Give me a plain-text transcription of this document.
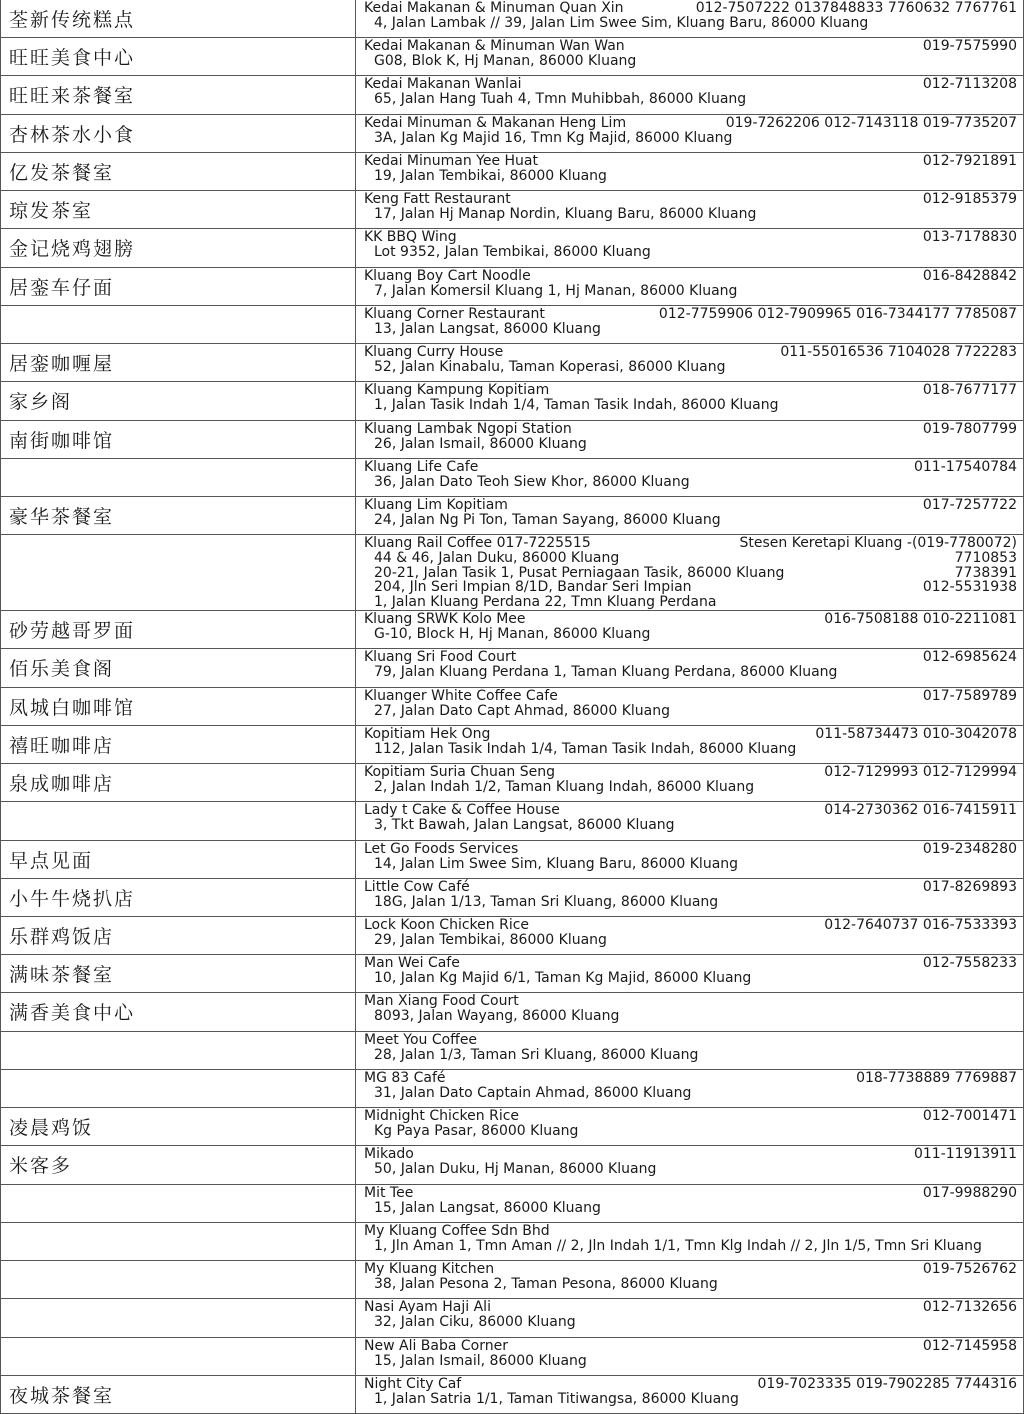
荃新传统糕点
Kedai Makanan & Minuman Quan Xin	012-7507222 0137848833 7760632 7767761
4, Jalan Lambak // 39, Jalan Lim Swee Sim, Kluang Baru, 86000 Kluang
旺旺美食中心
Kedai Makanan & Minuman Wan Wan	019-7575990
G08, Blok K, Hj Manan, 86000 Kluang
旺旺来茶餐室
Kedai Makanan Wanlai	012-7113208
65, Jalan Hang Tuah 4, Tmn Muhibbah, 86000 Kluang
杏林茶水小食
Kedai Minuman & Makanan Heng Lim	019-7262206 012-7143118 019-7735207
3A, Jalan Kg Majid 16, Tmn Kg Majid, 86000 Kluang
亿发茶餐室
Kedai Minuman Yee Huat	012-7921891
19, Jalan Tembikai, 86000 Kluang
琼发茶室
Keng Fatt Restaurant	012-9185379
17, Jalan Hj Manap Nordin, Kluang Baru, 86000 Kluang
金记烧鸡翅膀
KK BBQ Wing	013-7178830
Lot 9352, Jalan Tembikai, 86000 Kluang
居銮车仔面
Kluang Boy Cart Noodle	016-8428842
7, Jalan Komersil Kluang 1, Hj Manan, 86000 Kluang
Kluang Corner Restaurant	012-7759906 012-7909965 016-7344177 7785087
13, Jalan Langsat, 86000 Kluang
居銮咖喱屋
Kluang Curry House	011-55016536 7104028 7722283
52, Jalan Kinabalu, Taman Koperasi, 86000 Kluang
家乡阁
Kluang Kampung Kopitiam	018-7677177
1, Jalan Tasik Indah 1/4, Taman Tasik Indah, 86000 Kluang
南街咖啡馆
Kluang Lambak Ngopi Station	019-7807799
26, Jalan Ismail, 86000 Kluang
Kluang Life Cafe	011-17540784
36, Jalan Dato Teoh Siew Khor, 86000 Kluang
豪华茶餐室
Kluang Lim Kopitiam	017-7257722
24, Jalan Ng Pi Ton, Taman Sayang, 86000 Kluang
Kluang Rail Coffee 017-7225515	Stesen Keretapi Kluang -(019-7780072)
44 & 46, Jalan Duku, 86000 Kluang	7710853
20-21, Jalan Tasik 1, Pusat Perniagaan Tasik, 86000 Kluang	7738391
204, Jln Seri Impian 8/1D, Bandar Seri Impian	012-5531938
1, Jalan Kluang Perdana 22, Tmn Kluang Perdana
砂劳越哥罗面
Kluang SRWK Kolo Mee	016-7508188 010-2211081
G-10, Block H, Hj Manan, 86000 Kluang
佰乐美食阁
Kluang Sri Food Court	012-6985624
79, Jalan Kluang Perdana 1, Taman Kluang Perdana, 86000 Kluang
凤城白咖啡馆
Kluanger White Coffee Cafe	017-7589789
27, Jalan Dato Capt Ahmad, 86000 Kluang
禧旺咖啡店
Kopitiam Hek Ong	011-58734473 010-3042078
112, Jalan Tasik Indah 1/4, Taman Tasik Indah, 86000 Kluang
泉成咖啡店
Kopitiam Suria Chuan Seng	012-7129993 012-7129994
2, Jalan Indah 1/2, Taman Kluang Indah, 86000 Kluang
Lady t Cake & Coffee House	014-2730362 016-7415911
3, Tkt Bawah, Jalan Langsat, 86000 Kluang
早点见面
Let Go Foods Services	019-2348280
14, Jalan Lim Swee Sim, Kluang Baru, 86000 Kluang
小牛牛烧扒店
Little Cow Café	017-8269893
18G, Jalan 1/13, Taman Sri Kluang, 86000 Kluang
乐群鸡饭店
Lock Koon Chicken Rice	012-7640737 016-7533393
29, Jalan Tembikai, 86000 Kluang
满味茶餐室
Man Wei Cafe	012-7558233
10, Jalan Kg Majid 6/1, Taman Kg Majid, 86000 Kluang
满香美食中心
Man Xiang Food Court
8093, Jalan Wayang, 86000 Kluang
Meet You Coffee
28, Jalan 1/3, Taman Sri Kluang, 86000 Kluang
MG 83 Café	018-7738889 7769887
31, Jalan Dato Captain Ahmad, 86000 Kluang
凌晨鸡饭
Midnight Chicken Rice	012-7001471
Kg Paya Pasar, 86000 Kluang
米客多
Mikado	011-11913911
50, Jalan Duku, Hj Manan, 86000 Kluang
Mit Tee	017-9988290
15, Jalan Langsat, 86000 Kluang
My Kluang Coffee Sdn Bhd
1, Jln Aman 1, Tmn Aman // 2, Jln Indah 1/1, Tmn Klg Indah // 2, Jln 1/5, Tmn Sri Kluang
My Kluang Kitchen	019-7526762
38, Jalan Pesona 2, Taman Pesona, 86000 Kluang
Nasi Ayam Haji Ali	012-7132656
32, Jalan Ciku, 86000 Kluang
New Ali Baba Corner	012-7145958
15, Jalan Ismail, 86000 Kluang
夜城茶餐室
Night City Caf	019-7023335 019-7902285 7744316
1, Jalan Satria 1/1, Taman Titiwangsa, 86000 Kluang
